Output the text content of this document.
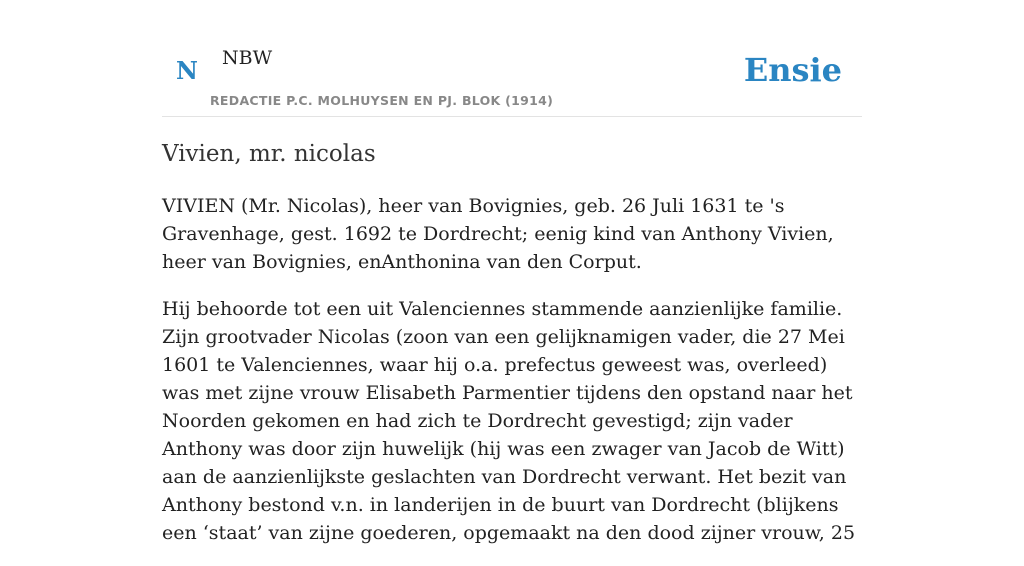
N NBW
REDACTIE P.C. MOLHUYSEN EN PJ. BLOK (1914)
Ensie
Vivien, mr. nicolas

VIVIEN (Mr. Nicolas), heer van Bovignies, geb. 26 Juli 1631 te 's Gravenhage, gest. 1692 te Dordrecht; eenig kind van Anthony Vivien, heer van Bovignies, enAnthonina van den Corput.

Hij behoorde tot een uit Valenciennes stammende aanzienlijke familie. Zijn grootvader Nicolas (zoon van een gelijknamigen vader, die 27 Mei 1601 te Valenciennes, waar hij o.a. prefectus geweest was, overleed) was met zijne vrouw Elisabeth Parmentier tijdens den opstand naar het Noorden gekomen en had zich te Dordrecht gevestigd; zijn vader Anthony was door zijn huwelijk (hij was een zwager van Jacob de Witt) aan de aanzienlijkste geslachten van Dordrecht verwant. Het bezit van Anthony bestond v.n. in landerijen in de buurt van Dordrecht (blijkens een ‘staat’ van zijne goederen, opgemaakt na den dood zijner vrouw, 25
